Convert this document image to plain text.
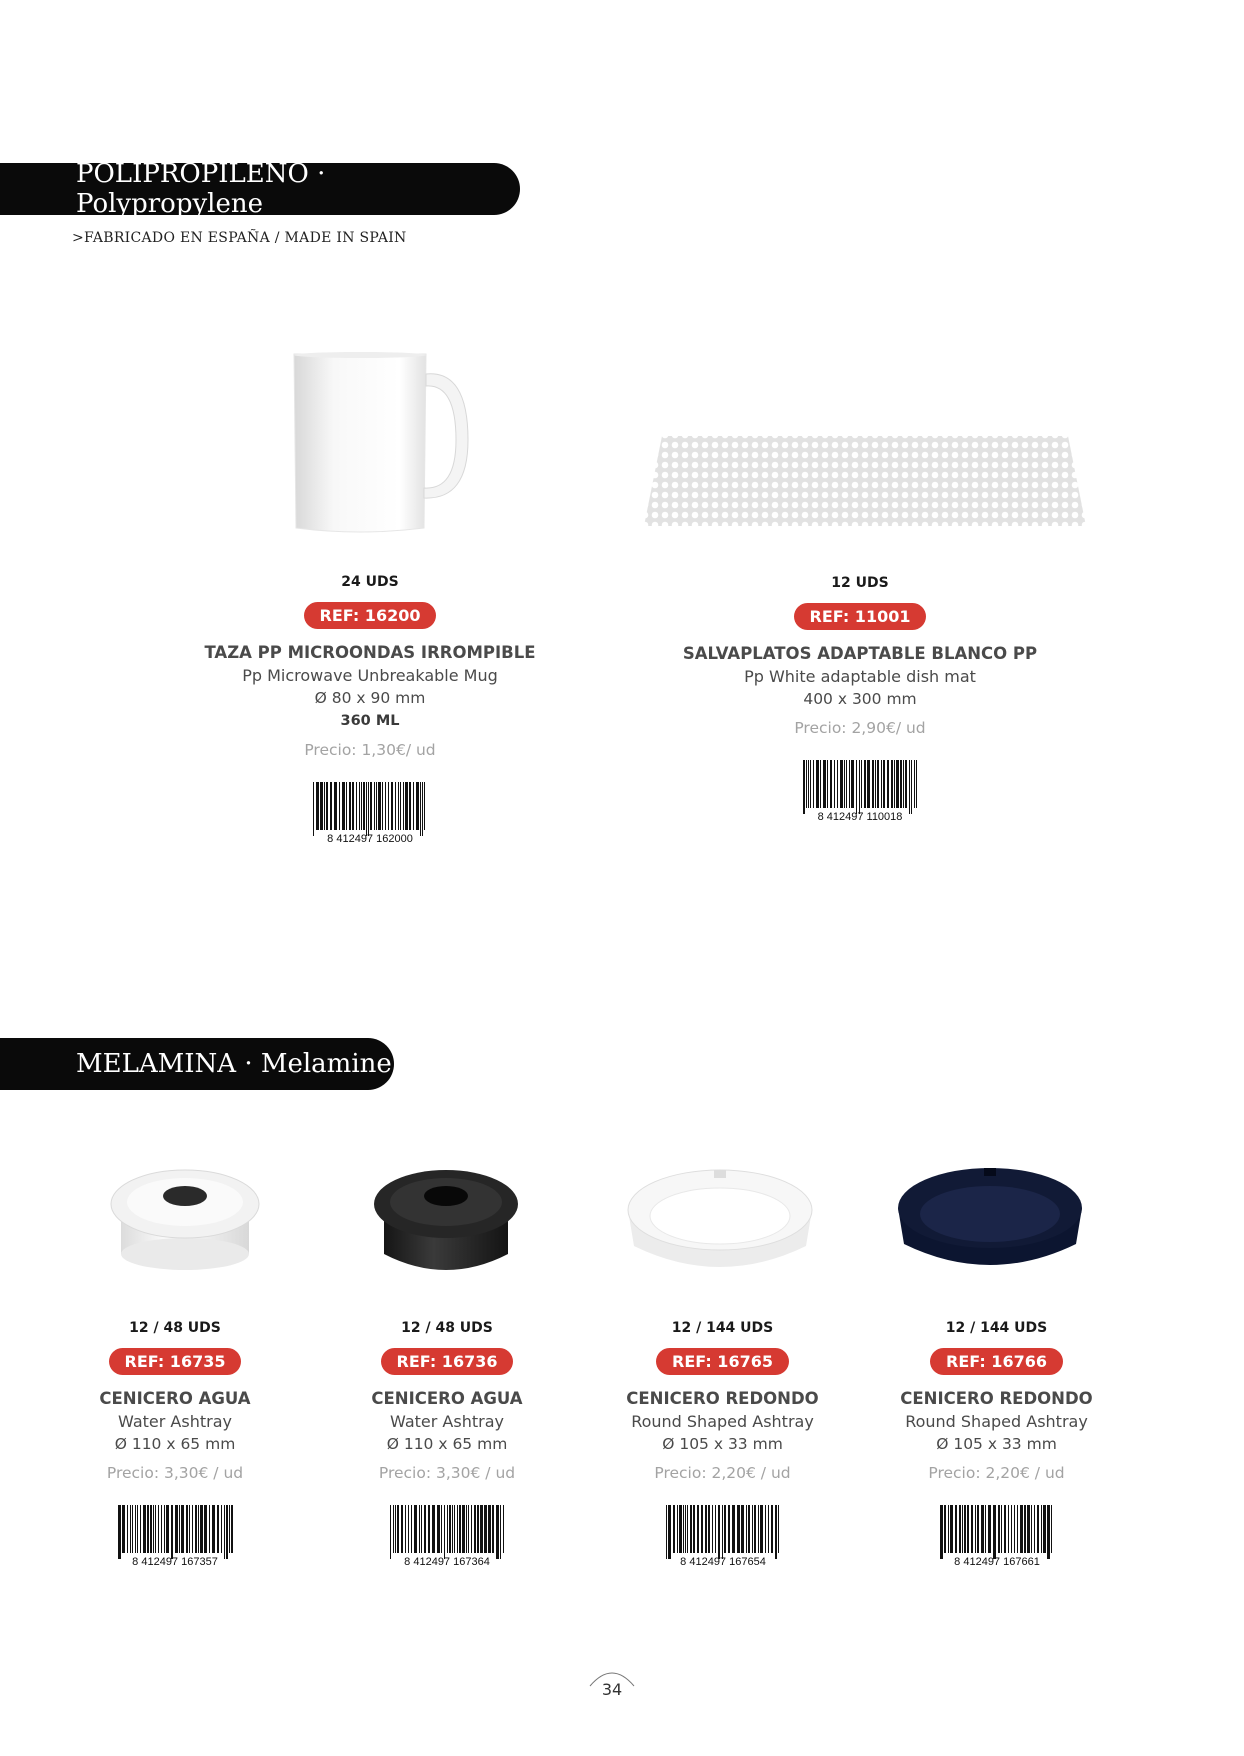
POLIPROPILENO · Polypropylene
>FABRICADO EN ESPAÑA / MADE IN SPAIN
24 UDS
REF: 16200
TAZA PP MICROONDAS IRROMPIBLE
Pp Microwave Unbreakable Mug
Ø 80 x 90 mm
360 ML
Precio: 1,30€/ ud
8 412497 162000
12 UDS
REF: 11001
SALVAPLATOS ADAPTABLE BLANCO PP
Pp White adaptable dish mat
400 x 300 mm
Precio: 2,90€/ ud
8 412497 110018
MELAMINA · Melamine
12 / 48 UDS
REF: 16735
CENICERO AGUA
Water Ashtray
Ø 110 x 65 mm
Precio: 3,30€ / ud
8 412497 167357
12 / 48 UDS
REF: 16736
CENICERO AGUA
Water Ashtray
Ø 110 x 65 mm
Precio: 3,30€ / ud
8 412497 167364
12 / 144 UDS
REF: 16765
CENICERO REDONDO
Round Shaped Ashtray
Ø 105 x 33 mm
Precio: 2,20€ / ud
8 412497 167654
12 / 144 UDS
REF: 16766
CENICERO REDONDO
Round Shaped Ashtray
Ø 105 x 33 mm
Precio: 2,20€ / ud
8 412497 167661
34
